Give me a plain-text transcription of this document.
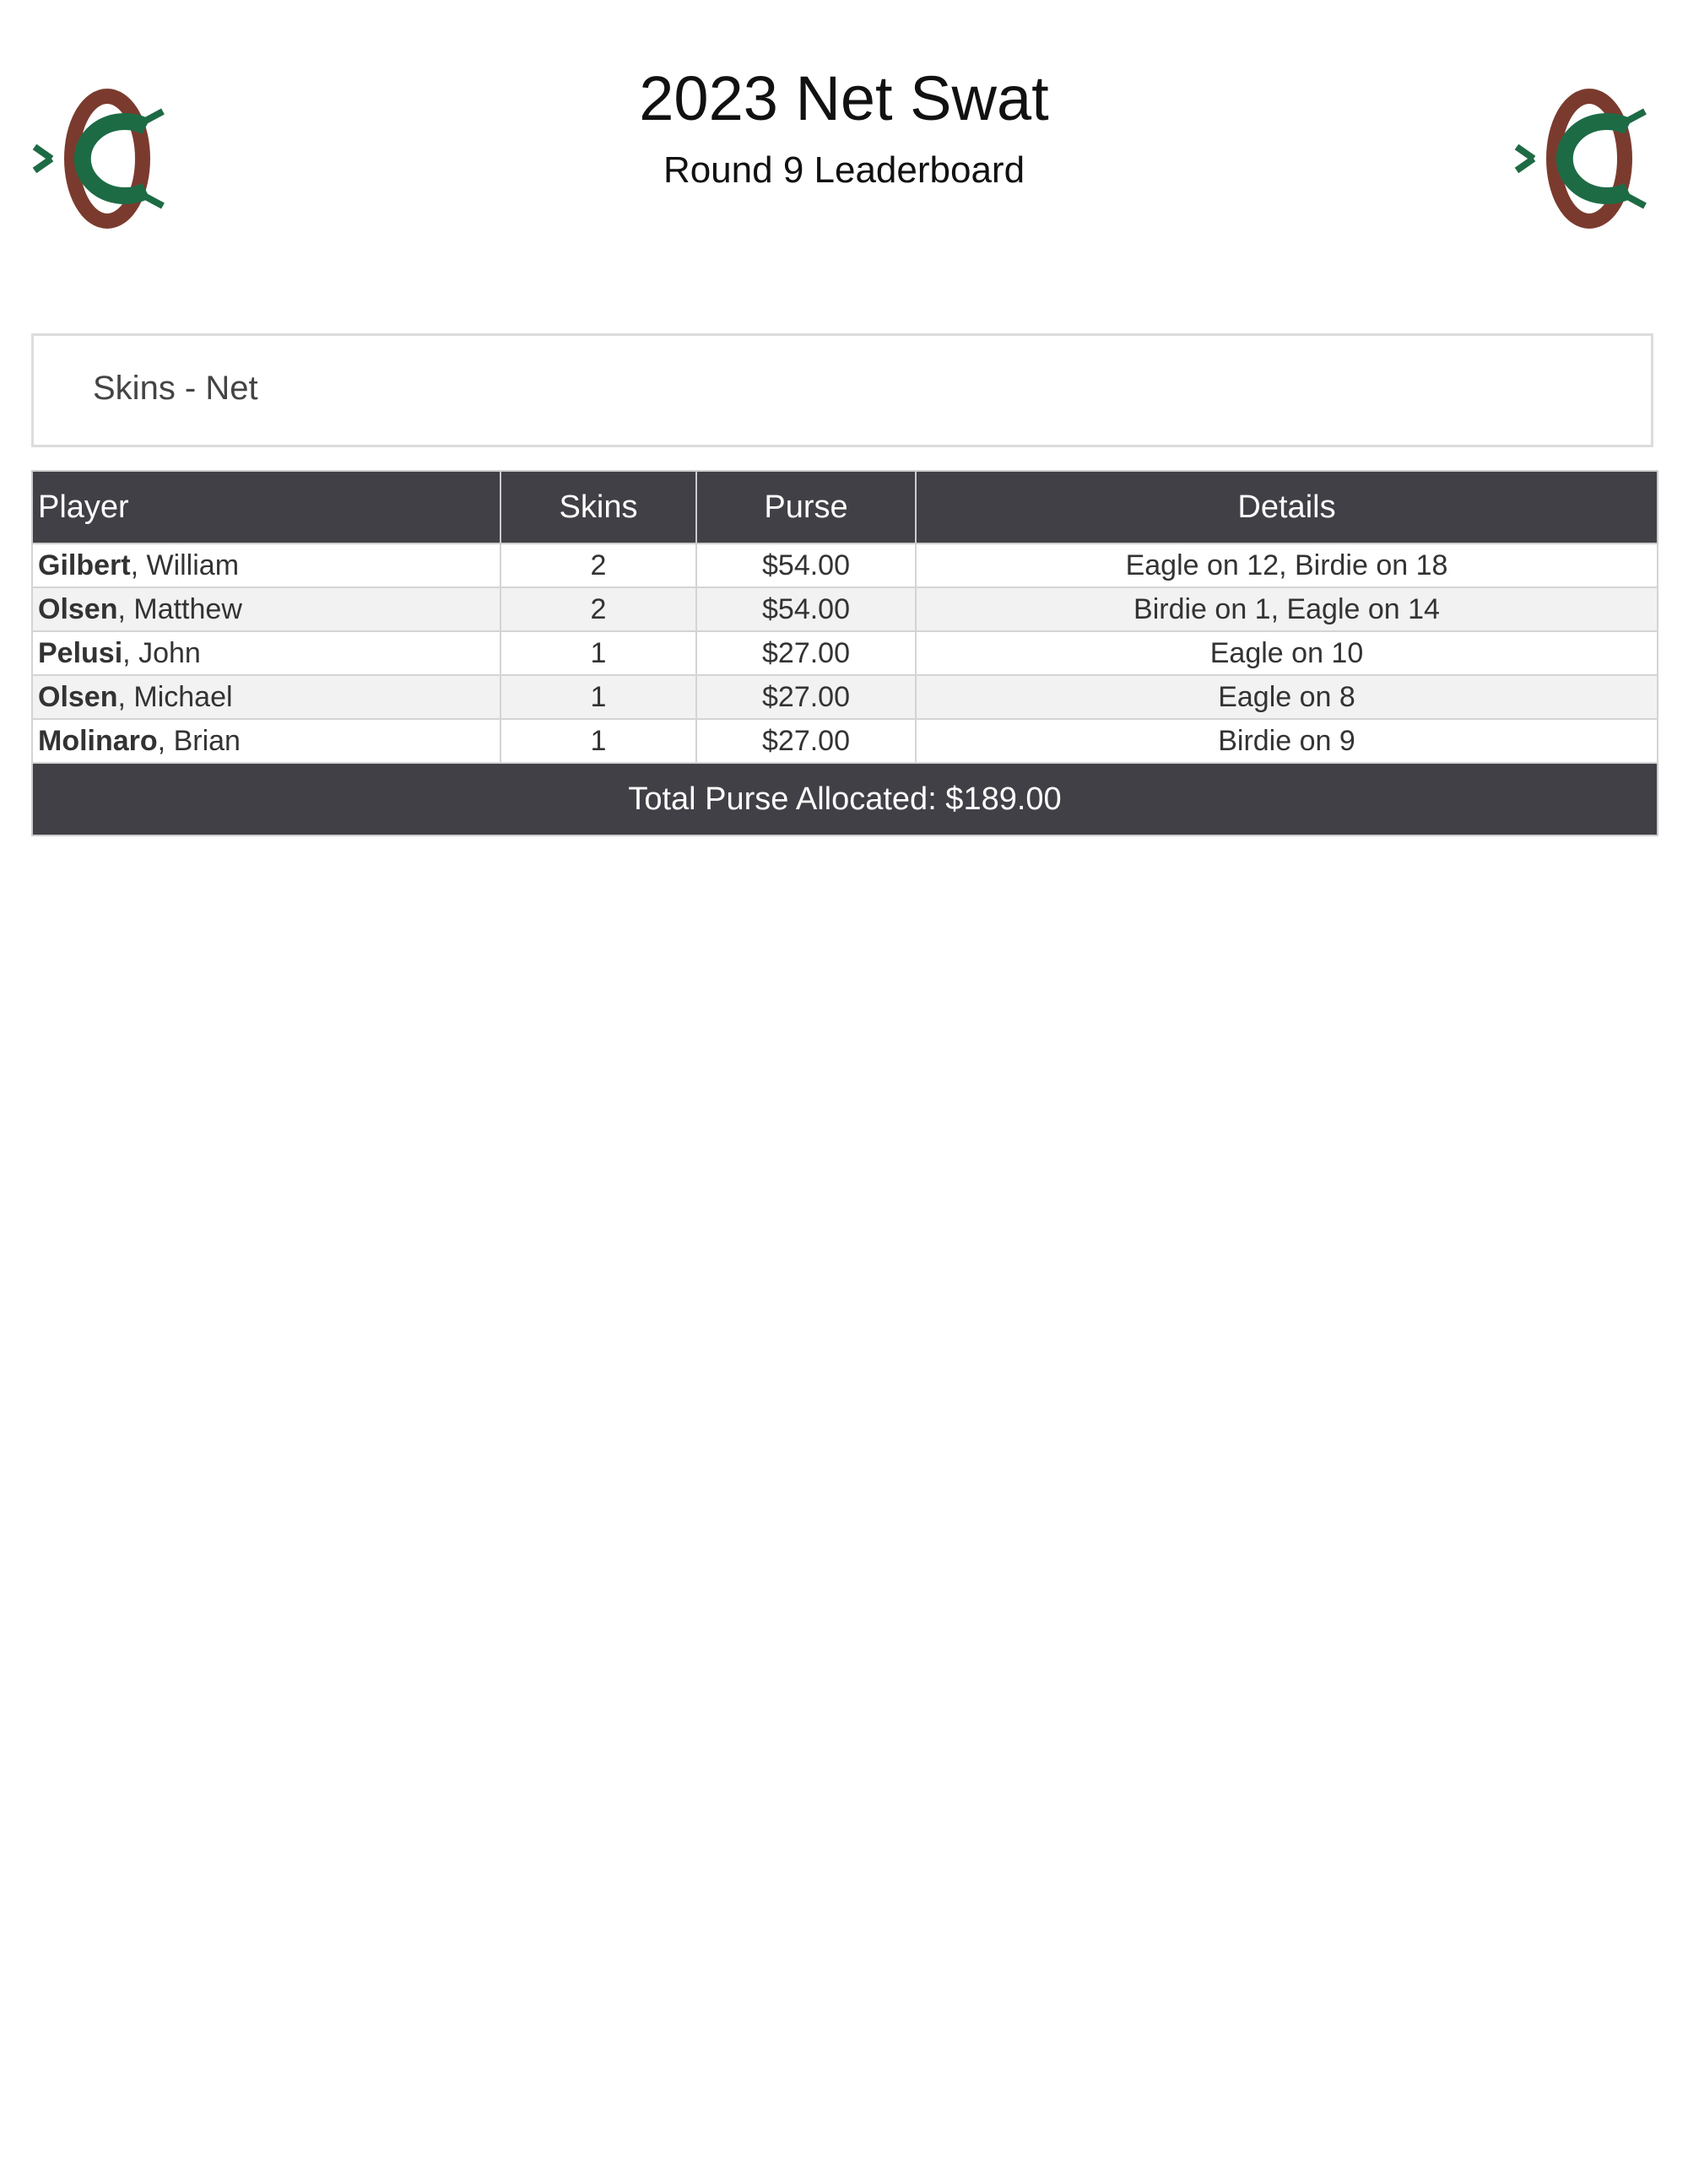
2023 Net Swat
Round 9 Leaderboard
Skins - Net
Player	Skins	Purse	Details
Gilbert, William	2	$54.00	Eagle on 12, Birdie on 18
Olsen, Matthew	2	$54.00	Birdie on 1, Eagle on 14
Pelusi, John	1	$27.00	Eagle on 10
Olsen, Michael	1	$27.00	Eagle on 8
Molinaro, Brian	1	$27.00	Birdie on 9
Total Purse Allocated: $189.00			
